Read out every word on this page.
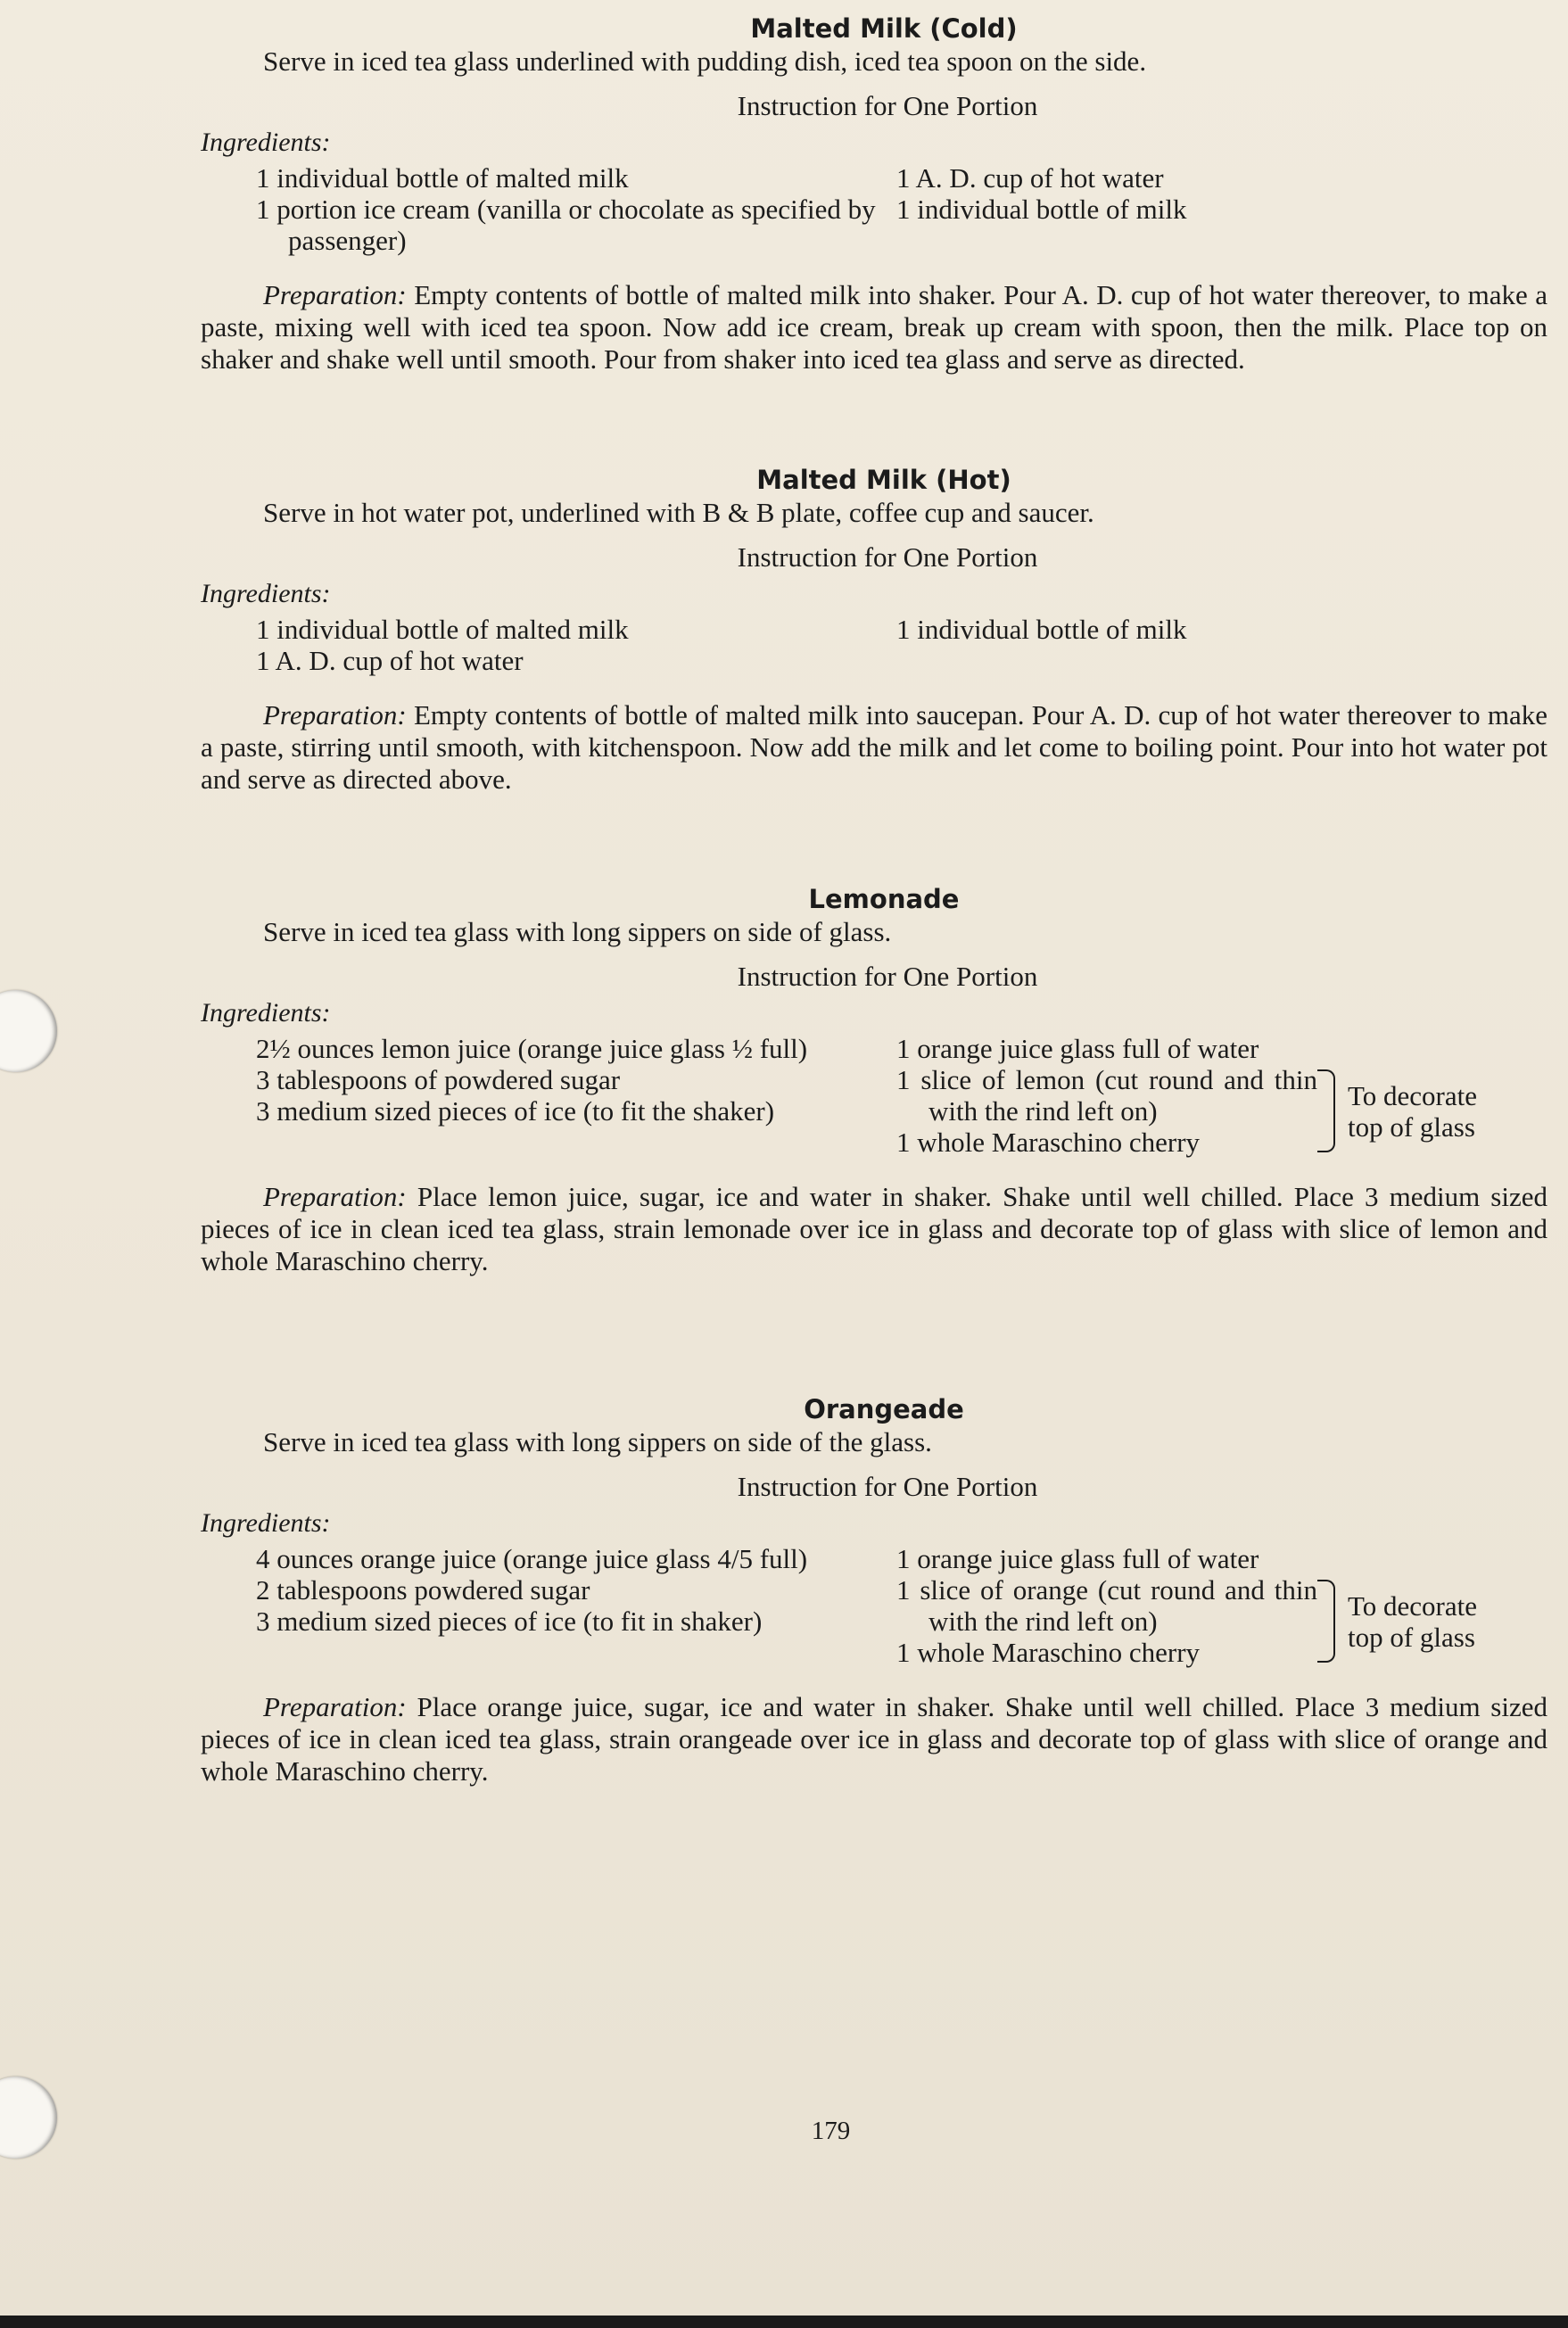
Malted Milk (Cold)

Serve in iced tea glass underlined with pudding dish, iced tea spoon on the side.

Instruction for One Portion

Ingredients:

1 individual bottle of malted milk

1 portion ice cream (vanilla or chocolate as specified by passenger)

1 A. D. cup of hot water

1 individual bottle of milk

Preparation: Empty contents of bottle of malted milk into shaker. Pour A. D. cup of hot water thereover, to make a paste, mixing well with iced tea spoon. Now add ice cream, break up cream with spoon, then the milk. Place top on shaker and shake well until smooth. Pour from shaker into iced tea glass and serve as directed.

Malted Milk (Hot)

Serve in hot water pot, underlined with B & B plate, coffee cup and saucer.

Instruction for One Portion

Ingredients:

1 individual bottle of malted milk

1 A. D. cup of hot water

1 individual bottle of milk

Preparation: Empty contents of bottle of malted milk into saucepan. Pour A. D. cup of hot water thereover to make a paste, stirring until smooth, with kitchenspoon. Now add the milk and let come to boiling point. Pour into hot water pot and serve as directed above.

Lemonade

Serve in iced tea glass with long sippers on side of glass.

Instruction for One Portion

Ingredients:

2½ ounces lemon juice (orange juice glass ½ full)

3 tablespoons of powdered sugar

3 medium sized pieces of ice (to fit the shaker)

1 orange juice glass full of water

1 slice of lemon (cut round and thin with the rind left on)

1 whole Maraschino cherry

To decorate
top of glass

Preparation: Place lemon juice, sugar, ice and water in shaker. Shake until well chilled. Place 3 medium sized pieces of ice in clean iced tea glass, strain lemonade over ice in glass and decorate top of glass with slice of lemon and whole Maraschino cherry.

Orangeade

Serve in iced tea glass with long sippers on side of the glass.

Instruction for One Portion

Ingredients:

4 ounces orange juice (orange juice glass 4/5 full)

2 tablespoons powdered sugar

3 medium sized pieces of ice (to fit in shaker)

1 orange juice glass full of water

1 slice of orange (cut round and thin with the rind left on)

1 whole Maraschino cherry

To decorate
top of glass

Preparation: Place orange juice, sugar, ice and water in shaker. Shake until well chilled. Place 3 medium sized pieces of ice in clean iced tea glass, strain orangeade over ice in glass and decorate top of glass with slice of orange and whole Maraschino cherry.

179
